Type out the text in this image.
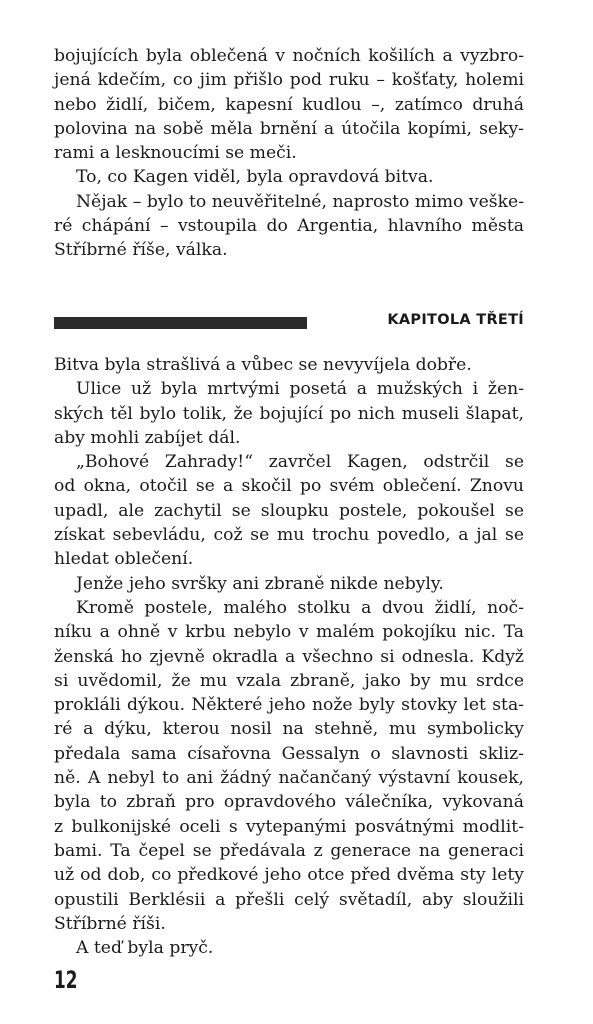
bojujících byla oblečená v nočních košilích a vyzbro-
jená kdečím, co jim přišlo pod ruku – košťaty, holemi
nebo židlí, bičem, kapesní kudlou –, zatímco druhá
polovina na sobě měla brnění a útočila kopími, seky-
rami a lesknoucími se meči.
To, co Kagen viděl, byla opravdová bitva.
Nějak – bylo to neuvěřitelné, naprosto mimo veške-
ré chápání – vstoupila do Argentia, hlavního města
Stříbrné říše, válka.
KAPITOLA TŘETÍ
Bitva byla strašlivá a vůbec se nevyvíjela dobře.
Ulice už byla mrtvými posetá a mužských i žen-
ských těl bylo tolik, že bojující po nich museli šlapat,
aby mohli zabíjet dál.
„Bohové Zahrady!“ zavrčel Kagen, odstrčil se
od okna, otočil se a skočil po svém oblečení. Znovu
upadl, ale zachytil se sloupku postele, pokoušel se
získat sebevládu, což se mu trochu povedlo, a jal se
hledat oblečení.
Jenže jeho svršky ani zbraně nikde nebyly.
Kromě postele, malého stolku a dvou židlí, noč-
níku a ohně v krbu nebylo v malém pokojíku nic. Ta
ženská ho zjevně okradla a všechno si odnesla. Když
si uvědomil, že mu vzala zbraně, jako by mu srdce
prokláli dýkou. Některé jeho nože byly stovky let sta-
ré a dýku, kterou nosil na stehně, mu symbolicky
předala sama císařovna Gessalyn o slavnosti skliz-
ně. A nebyl to ani žádný načančaný výstavní kousek,
byla to zbraň pro opravdového válečníka, vykovaná
z bulkonijské oceli s vytepanými posvátnými modlit-
bami. Ta čepel se předávala z generace na generaci
už od dob, co předkové jeho otce před dvěma sty lety
opustili Berklésii a přešli celý světadíl, aby sloužili
Stříbrné říši.
A teď byla pryč.
12
